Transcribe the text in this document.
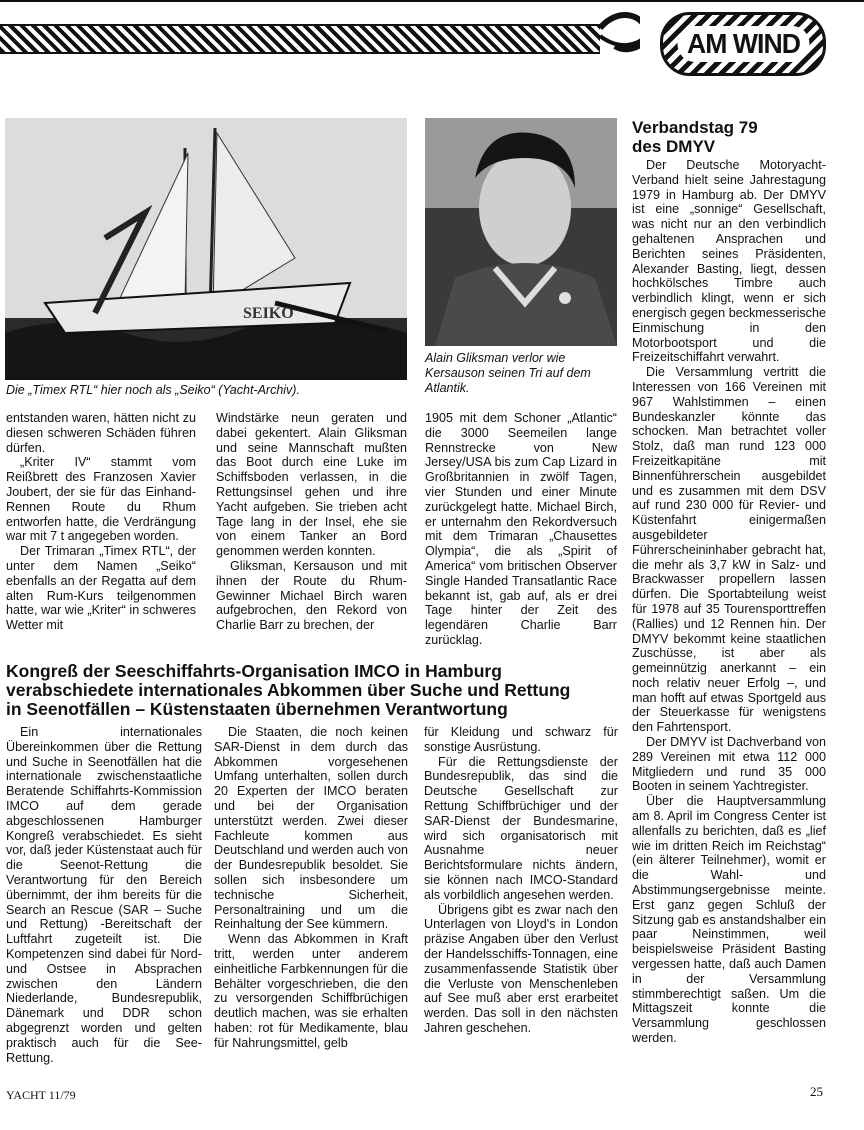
AM WIND
SEIKO
Die „Timex RTL“ hier noch als „Seiko“ (Yacht-Archiv).
Alain Gliksman verlor wie Kersauson seinen Tri auf dem Atlantik.

entstanden waren, hätten nicht zu diesen schweren Schäden führen dürfen.

„Kriter IV“ stammt vom Reißbrett des Franzosen Xavier Joubert, der sie für das Einhand-Rennen Route du Rhum entworfen hatte, die Verdrängung war mit 7 t angegeben worden.

Der Trimaran „Timex RTL“, der unter dem Namen „Seiko“ ebenfalls an der Regatta auf dem alten Rum-Kurs teilgenommen hatte, war wie „Kriter“ in schweres Wetter mit

Windstärke neun geraten und dabei gekentert. Alain Gliksman und seine Mannschaft mußten das Boot durch eine Luke im Schiffsboden verlassen, in die Rettungsinsel gehen und ihre Yacht aufgeben. Sie trieben acht Tage lang in der Insel, ehe sie von einem Tanker an Bord genommen werden konnten.

Gliksman, Kersauson und mit ihnen der Route du Rhum-Gewinner Michael Birch waren aufgebrochen, den Rekord von Charlie Barr zu brechen, der

1905 mit dem Schoner „Atlantic“ die 3000 Seemeilen lange Rennstrecke von New Jersey/USA bis zum Cap Lizard in Großbritannien in zwölf Tagen, vier Stunden und einer Minute zurückgelegt hatte. Michael Birch, er unternahm den Rekordversuch mit dem Trimaran „Chausettes Olympia“, die als „Spirit of America“ vom britischen Observer Single Handed Transatlantic Race bekannt ist, gab auf, als er drei Tage hinter der Zeit des legendären Charlie Barr zurücklag.

Kongreß der Seeschiffahrts-Organisation IMCO in Hamburg
verabschiedete internationales Abkommen über Suche und Rettung
in Seenotfällen – Küstenstaaten übernehmen Verantwortung

Ein internationales Übereinkommen über die Rettung und Suche in Seenotfällen hat die internationale zwischenstaatliche Beratende Schiffahrts-Kommission IMCO auf dem gerade abgeschlossenen Hamburger Kongreß verabschiedet. Es sieht vor, daß jeder Küstenstaat auch für die Seenot-Rettung die Verantwortung für den Bereich übernimmt, der ihm bereits für die Search an Rescue (SAR – Suche und Rettung) -Bereitschaft der Luftfahrt zugeteilt ist. Die Kompetenzen sind dabei für Nord- und Ostsee in Absprachen zwischen den Ländern Niederlande, Bundesrepublik, Dänemark und DDR schon abgegrenzt worden und gelten praktisch auch für die See-Rettung.

Die Staaten, die noch keinen SAR-Dienst in dem durch das Abkommen vorgesehenen Umfang unterhalten, sollen durch 20 Experten der IMCO beraten und bei der Organisation unterstützt werden. Zwei dieser Fachleute kommen aus Deutschland und werden auch von der Bundesrepublik besoldet. Sie sollen sich insbesondere um technische Sicherheit, Personaltraining und um die Reinhaltung der See kümmern.

Wenn das Abkommen in Kraft tritt, werden unter anderem einheitliche Farbkennungen für die Behälter vorgeschrieben, die den zu versorgenden Schiffbrüchigen deutlich machen, was sie erhalten haben: rot für Medikamente, blau für Nahrungsmittel, gelb

für Kleidung und schwarz für sonstige Ausrüstung.

Für die Rettungsdienste der Bundesrepublik, das sind die Deutsche Gesellschaft zur Rettung Schiffbrüchiger und der SAR-Dienst der Bundesmarine, wird sich organisatorisch mit Ausnahme neuer Berichtsformulare nichts ändern, sie können nach IMCO-Standard als vorbildlich angesehen werden.

Übrigens gibt es zwar nach den Unterlagen von Lloyd's in London präzise Angaben über den Verlust der Handelsschiffs-Tonnagen, eine zusammenfassende Statistik über die Verluste von Menschenleben auf See muß aber erst erarbeitet werden. Das soll in den nächsten Jahren geschehen.

Verbandstag 79
des DMYV

Der Deutsche Motoryacht-Verband hielt seine Jahrestagung 1979 in Hamburg ab. Der DMYV ist eine „sonnige“ Gesellschaft, was nicht nur an den verbindlich gehaltenen Ansprachen und Berichten seines Präsidenten, Alexander Basting, liegt, dessen hochkölsches Timbre auch verbindlich klingt, wenn er sich energisch gegen beckmesserische Einmischung in den Motorbootsport und die Freizeitschiffahrt verwahrt.

Die Versammlung vertritt die Interessen von 166 Vereinen mit 967 Wahlstimmen – einen Bundeskanzler könnte das schocken. Man betrachtet voller Stolz, daß man rund 123 000 Freizeitkapitäne mit Binnenführerschein ausgebildet und es zusammen mit dem DSV auf rund 230 000 für Revier- und Küstenfahrt einigermaßen ausgebildeter Führerscheininhaber gebracht hat, die mehr als 3,7 kW in Salz- und Brackwasser propellern lassen dürfen. Die Sportabteilung weist für 1978 auf 35 Tourensporttreffen (Rallies) und 12 Rennen hin. Der DMYV bekommt keine staatlichen Zuschüsse, ist aber als gemeinnützig anerkannt – ein noch relativ neuer Erfolg –, und man hofft auf etwas Sportgeld aus der Steuerkasse für wenigstens den Fahrtensport.

Der DMYV ist Dachverband von 289 Vereinen mit etwa 112 000 Mitgliedern und rund 35 000 Booten in seinem Yachtregister.

Über die Hauptversammlung am 8. April im Congress Center ist allenfalls zu berichten, daß es „lief wie im dritten Reich im Reichstag“ (ein älterer Teilnehmer), womit er die Wahl- und Abstimmungsergebnisse meinte. Erst ganz gegen Schluß der Sitzung gab es anstandshalber ein paar Neinstimmen, weil beispielsweise Präsident Basting vergessen hatte, daß auch Damen in der Versammlung stimmberechtigt saßen. Um die Mittagszeit konnte die Versammlung geschlossen werden.

YACHT 11/79	25
